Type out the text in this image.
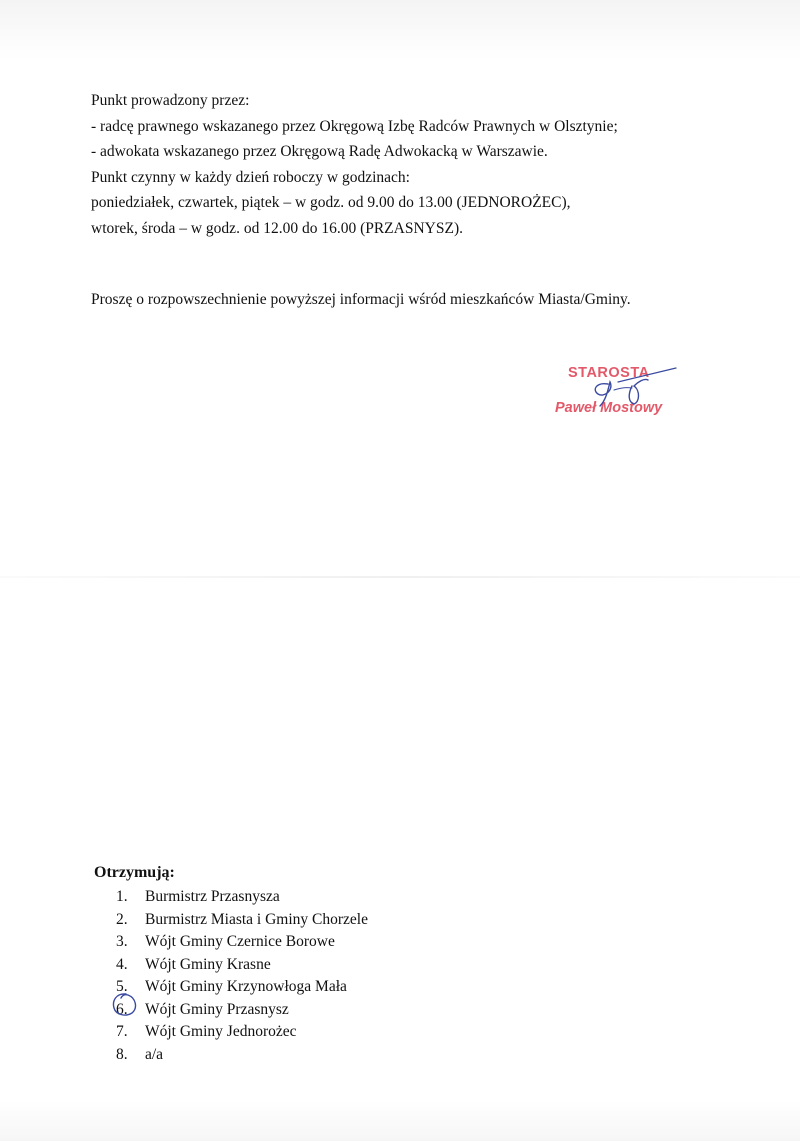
Punkt prowadzony przez:
- radcę prawnego wskazanego przez Okręgową Izbę Radców Prawnych w Olsztynie;
- adwokata wskazanego przez Okręgową Radę Adwokacką w Warszawie.
Punkt czynny w każdy dzień roboczy w godzinach:
poniedziałek, czwartek, piątek – w godz. od 9.00 do 13.00 (JEDNOROŻEC),
wtorek, środa – w godz. od 12.00 do 16.00 (PRZASNYSZ).
Proszę o rozpowszechnienie powyższej informacji wśród mieszkańców Miasta/Gminy.
STAROSTA
Paweł Mostowy
Otrzymują:
1.	Burmistrz Przasnysza
2.	Burmistrz Miasta i Gminy Chorzele
3.	Wójt Gminy Czernice Borowe
4.	Wójt Gminy Krasne
5.	Wójt Gminy Krzynowłoga Mała
6.	Wójt Gminy Przasnysz
7.	Wójt Gminy Jednorożec
8.	a/a
